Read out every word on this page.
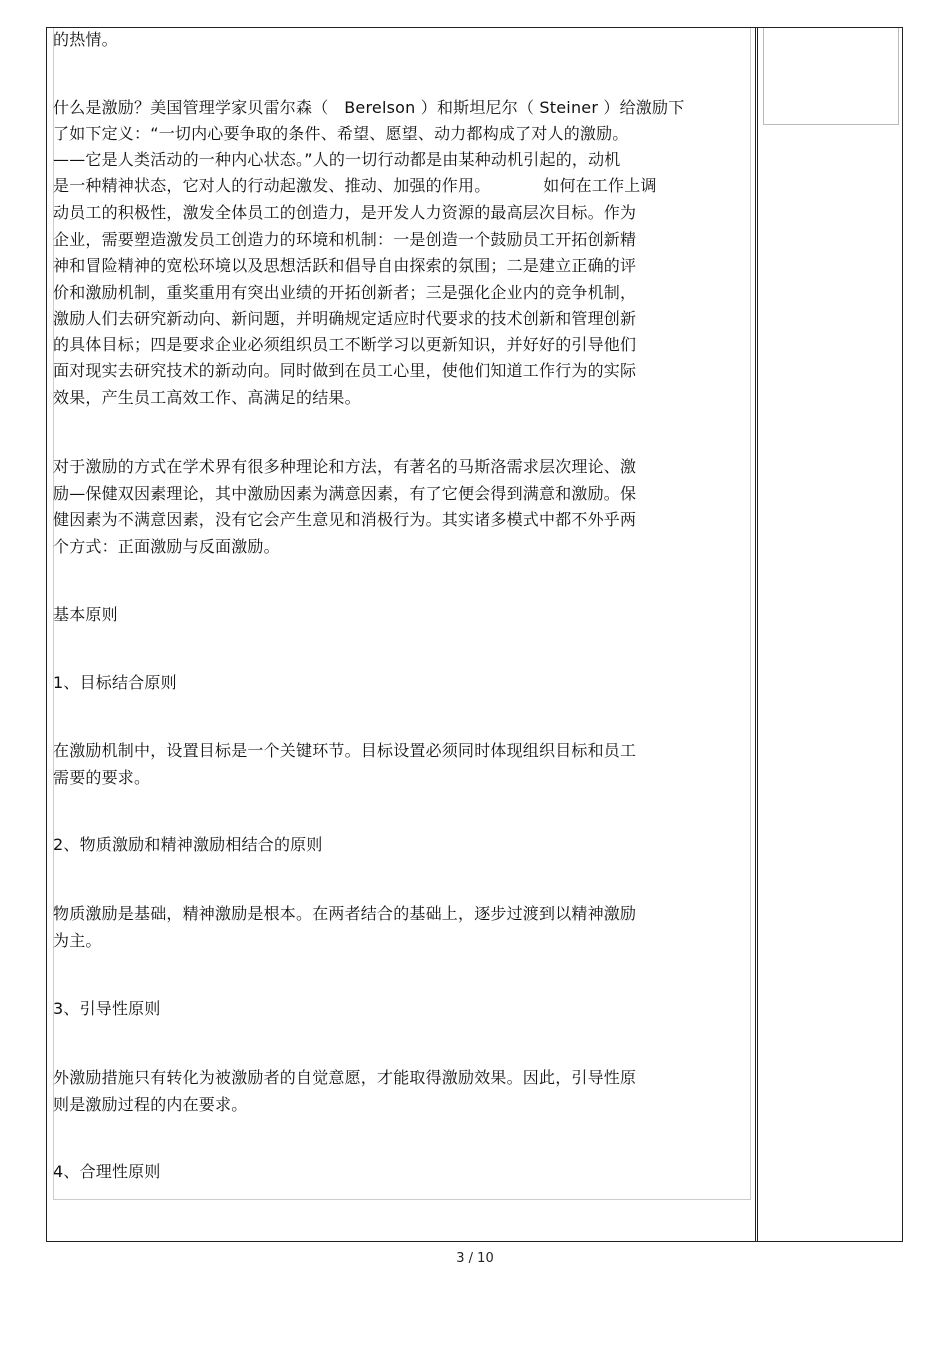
的热情。
什么是激励？美国管理学家贝雷尔森（   Berelson ）和斯坦尼尔（ Steiner ）给激励下
了如下定义：“一切内心要争取的条件、希望、愿望、动力都构成了对人的激励。
——它是人类活动的一种内心状态。”人的一切行动都是由某种动机引起的，动机
是一种精神状态，它对人的行动起激发、推动、加强的作用。          如何在工作上调
动员工的积极性，激发全体员工的创造力，是开发人力资源的最高层次目标。作为
企业，需要塑造激发员工创造力的环境和机制：一是创造一个鼓励员工开拓创新精
神和冒险精神的宽松环境以及思想活跃和倡导自由探索的氛围；二是建立正确的评
价和激励机制，重奖重用有突出业绩的开拓创新者；三是强化企业内的竞争机制，
激励人们去研究新动向、新问题，并明确规定适应时代要求的技术创新和管理创新
的具体目标；四是要求企业必须组织员工不断学习以更新知识，并好好的引导他们
面对现实去研究技术的新动向。同时做到在员工心里，使他们知道工作行为的实际
效果，产生员工高效工作、高满足的结果。
对于激励的方式在学术界有很多种理论和方法，有著名的马斯洛需求层次理论、激
励—保健双因素理论，其中激励因素为满意因素，有了它便会得到满意和激励。保
健因素为不满意因素，没有它会产生意见和消极行为。其实诸多模式中都不外乎两
个方式：正面激励与反面激励。
基本原则
1、目标结合原则
在激励机制中，设置目标是一个关键环节。目标设置必须同时体现组织目标和员工
需要的要求。
2、物质激励和精神激励相结合的原则
物质激励是基础，精神激励是根本。在两者结合的基础上，逐步过渡到以精神激励
为主。
3、引导性原则
外激励措施只有转化为被激励者的自觉意愿，才能取得激励效果。因此，引导性原
则是激励过程的内在要求。
4、合理性原则
3 / 10
